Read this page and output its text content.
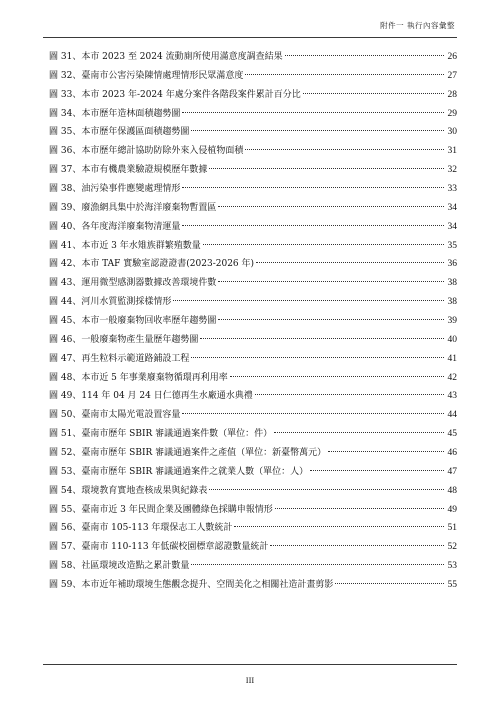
附件一 執行內容彙整
圖 31、本市 2023 至 2024 流動廁所使用滿意度調查結果	26
圖 32、臺南市公害污染陳情處理情形民眾滿意度	27
圖 33、本市 2023 年-2024 年處分案件各階段案件累計百分比	28
圖 34、本市歷年造林面積趨勢圖	29
圖 35、本市歷年保護區面積趨勢圖	30
圖 36、本市歷年總計協助防除外來入侵植物面積	31
圖 37、本市有機農業驗證規模歷年數據	32
圖 38、油污染事件應變處理情形	33
圖 39、廢漁網具集中於海洋廢棄物暫置區	34
圖 40、各年度海洋廢棄物清運量	34
圖 41、本市近 3 年水雉族群繁殖數量	35
圖 42、本市 TAF 實驗室認證證書(2023-2026 年)	36
圖 43、運用微型感測器數據改善環境件數	38
圖 44、河川水質監測採樣情形	38
圖 45、本市一般廢棄物回收率歷年趨勢圖	39
圖 46、一般廢棄物產生量歷年趨勢圖	40
圖 47、再生粒料示範道路鋪設工程	41
圖 48、本市近 5 年事業廢棄物循環再利用率	42
圖 49、114 年 04 月 24 日仁德再生水廠通水典禮	43
圖 50、臺南市太陽光電設置容量	44
圖 51、臺南市歷年 SBIR 審議通過案件數（單位：件）	45
圖 52、臺南市歷年 SBIR 審議通過案件之產值（單位：新臺幣萬元）	46
圖 53、臺南市歷年 SBIR 審議通過案件之就業人數（單位：人）	47
圖 54、環境教育實地查核成果與紀錄表	48
圖 55、臺南市近 3 年民間企業及團體綠色採購申報情形	49
圖 56、臺南市 105-113 年環保志工人數統計	51
圖 57、臺南市 110-113 年低碳校園標章認證數量統計	52
圖 58、社區環境改造點之累計數量	53
圖 59、本市近年補助環境生態觀念提升、空間美化之相關社造計畫剪影	55
III
